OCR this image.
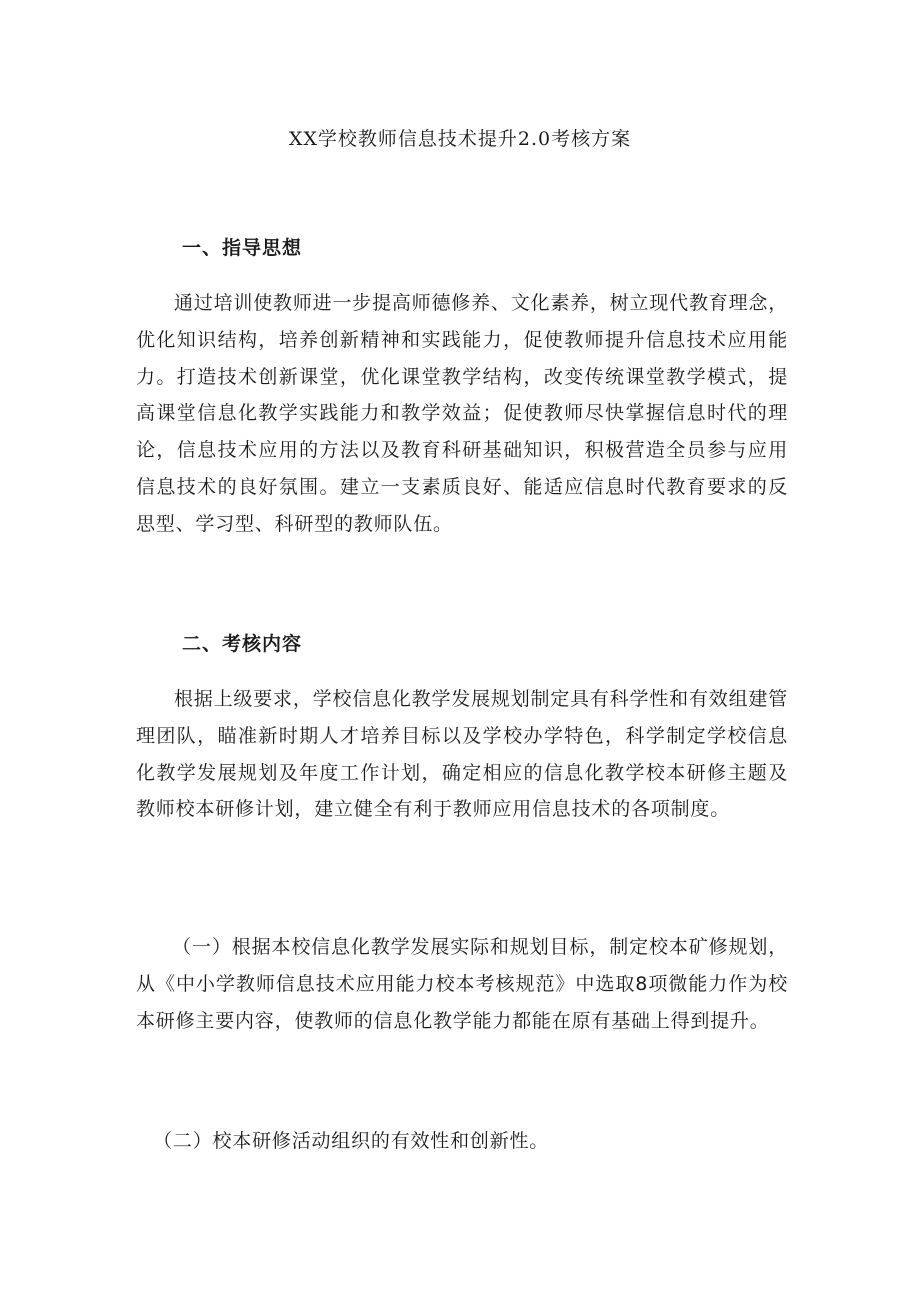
XX学校教师信息技术提升2.0考核方案
一、指导思想

通过培训使教师进一步提高师德修养、文化素养，树立现代教育理念，优化知识结构，培养创新精神和实践能力，促使教师提升信息技术应用能力。打造技术创新课堂，优化课堂教学结构，改变传统课堂教学模式，提高课堂信息化教学实践能力和教学效益；促使教师尽快掌握信息时代的理论，信息技术应用的方法以及教育科研基础知识，积极营造全员参与应用信息技术的良好氛围。建立一支素质良好、能适应信息时代教育要求的反思型、学习型、科研型的教师队伍。

二、考核内容

根据上级要求，学校信息化教学发展规划制定具有科学性和有效组建管理团队，瞄准新时期人才培养目标以及学校办学特色，科学制定学校信息化教学发展规划及年度工作计划，确定相应的信息化教学校本研修主题及教师校本研修计划，建立健全有利于教师应用信息技术的各项制度。

（一）根据本校信息化教学发展实际和规划目标，制定校本矿修规划，从《中小学教师信息技术应用能力校本考核规范》中选取8项微能力作为校本研修主要内容，使教师的信息化教学能力都能在原有基础上得到提升。

（二）校本研修活动组织的有效性和创新性。
